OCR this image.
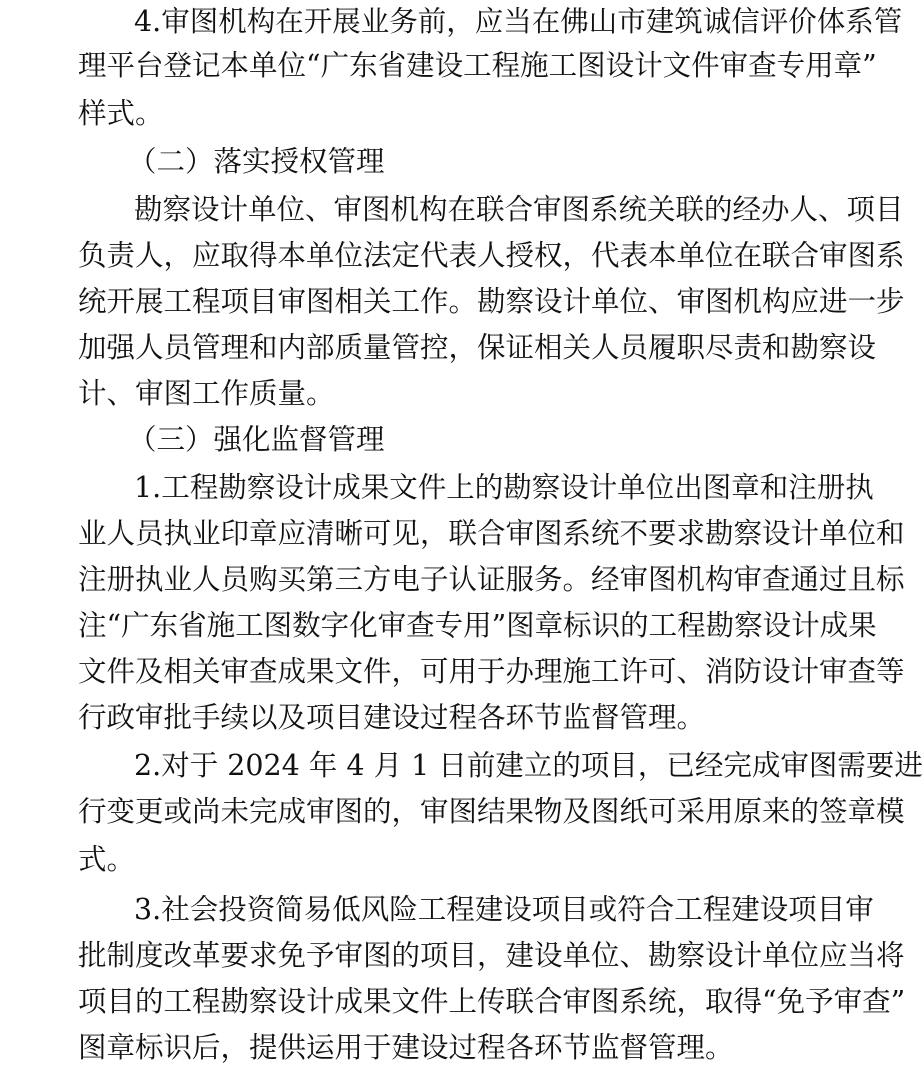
4.审图机构在开展业务前，应当在佛山市建筑诚信评价体系管
理平台登记本单位“广东省建设工程施工图设计文件审查专用章”
样式。
（二）落实授权管理
勘察设计单位、审图机构在联合审图系统关联的经办人、项目
负责人，应取得本单位法定代表人授权，代表本单位在联合审图系
统开展工程项目审图相关工作。勘察设计单位、审图机构应进一步
加强人员管理和内部质量管控，保证相关人员履职尽责和勘察设
计、审图工作质量。
（三）强化监督管理
1.工程勘察设计成果文件上的勘察设计单位出图章和注册执
业人员执业印章应清晰可见，联合审图系统不要求勘察设计单位和
注册执业人员购买第三方电子认证服务。经审图机构审查通过且标
注“广东省施工图数字化审查专用”图章标识的工程勘察设计成果
文件及相关审查成果文件，可用于办理施工许可、消防设计审查等
行政审批手续以及项目建设过程各环节监督管理。
2.对于 2024 年 4 月 1 日前建立的项目，已经完成审图需要进
行变更或尚未完成审图的，审图结果物及图纸可采用原来的签章模
式。
3.社会投资简易低风险工程建设项目或符合工程建设项目审
批制度改革要求免予审图的项目，建设单位、勘察设计单位应当将
项目的工程勘察设计成果文件上传联合审图系统，取得“免予审查”
图章标识后，提供运用于建设过程各环节监督管理。
